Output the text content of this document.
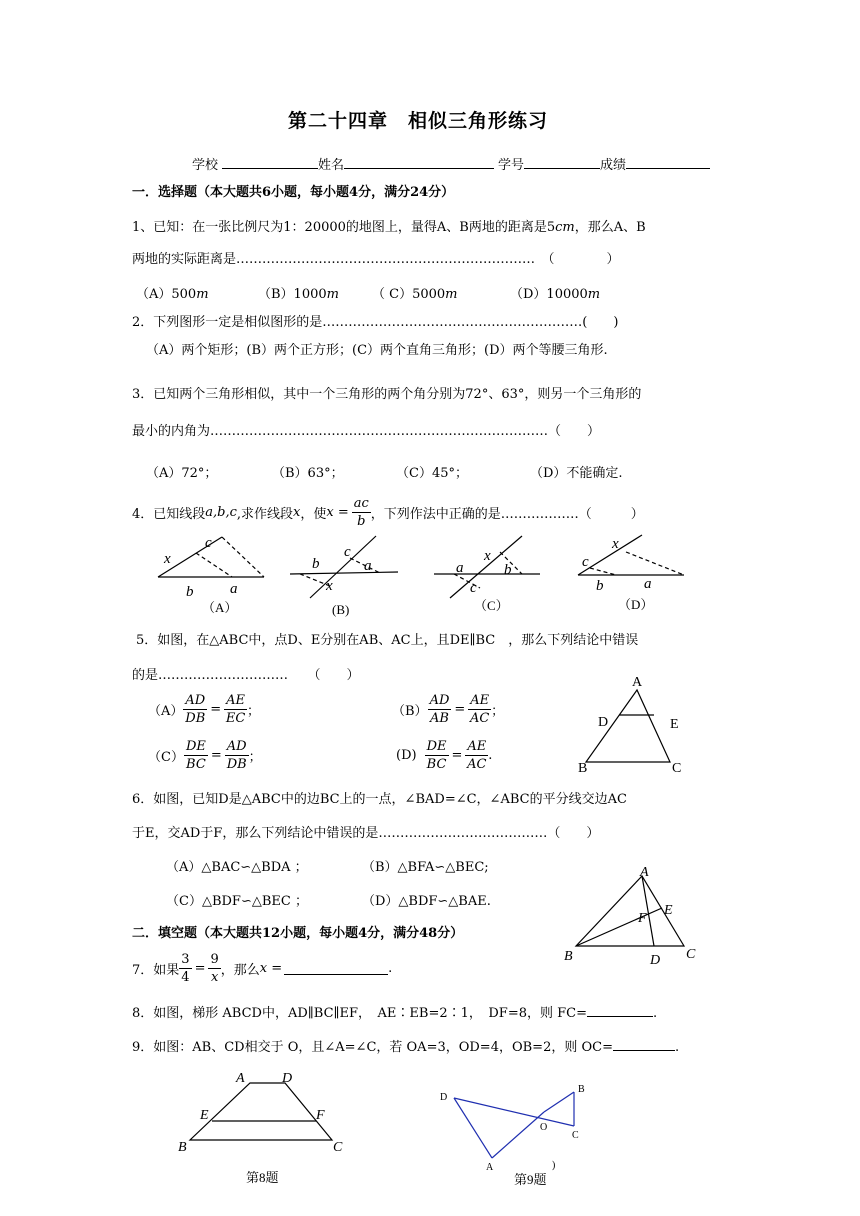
第二十四章　相似三角形练习
学校	姓名	学号	成绩
一．选择题（本大题共6小题，每小题4分，满分24分）
1、已知：在一张比例尺为1：20000的地图上，量得A、B两地的距离是5cm，那么A、B
两地的实际距离是……………………………………………………………　（　　　　）
（A）500m	（B）1000m	（ C）5000m	（D）10000m
2．下列图形一定是相似图形的是……………………………………………………(　　)
（A）两个矩形；(B）两个正方形；(C）两个直角三角形；(D）两个等腰三角形.
3．已知两个三角形相似，其中一个三角形的两个角分别为72°、63°，则另一个三角形的
最小的内角为……………………………………………………………………（　　）
（A）72°；	（B）63°；	（C）45°；	（D）不能确定.
4．已知线段 a,b,c ,求作线段 x ，使 $x = \frac{ac}{b}$ ，下列作法中正确的是………………（　　　）
x
c
b a
b
c
a
x
a
x
b
c
x
c
b	a
（A）	(B)	（C）	（D）
5．如图，在△ABC中，点D、E分别在AB、AC上，且DE∥BC　，那么下列结论中错误
的是…………………………　　（　　）
$(A) \frac{AD}{DB} = \frac{AE}{EC}$ ；	$(B) \frac{AD}{AB} = \frac{AE}{AC}$ ；
$(C) \frac{DE}{BC} = \frac{AD}{DB}$ ；	$(D) \frac{DE}{BC} = \frac{AE}{AC}$ .
A
D	E
B	C
6．如图，已知D是△ABC中的边BC上的一点，∠BAD=∠C，∠ABC的平分线交边AC
于E，交AD于F，那么下列结论中错误的是…………………………………（　　）
（A）△BAC∽△BDA ；	（B）△BFA∽△BEC;
（C）△BDF∽△BEC ；	（D）△BDF∽△BAE.
A
E
F
B	D C
二．填空题（本大题共12小题，每小题4分，满分48分）
7．如果 $\frac{3}{4} = \frac{9}{x}$ ，那么 x =	.
8．如图，梯形 ABCD中，AD∥BC∥EF，　AE∶EB=2∶1，　DF=8，则 FC=	.
9．如图：AB、CD相交于 O，且∠A=∠C，若 OA=3，OD=4，OB=2，则 OC=	.
A	D
E	F
B	C
第8题
D
O
B
C
A	)
第9题
